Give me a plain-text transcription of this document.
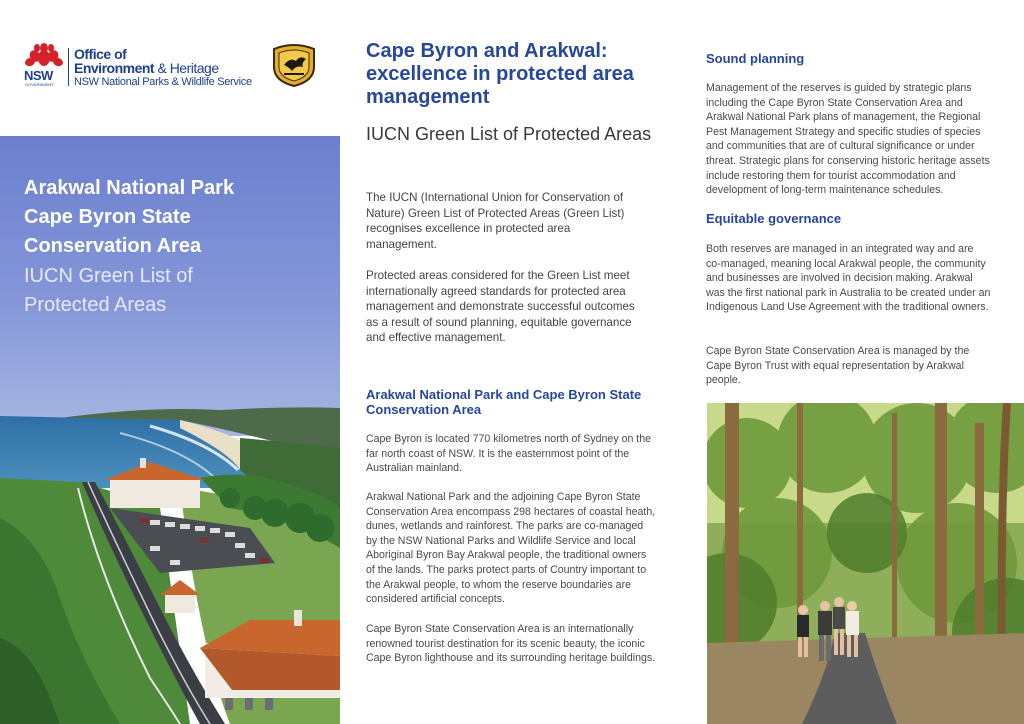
NSW
GOVERNMENT
Office of
Environment & Heritage
NSW National Parks & Wildlife Service
Arakwal National Park
Cape Byron State
Conservation Area
IUCN Green List of
Protected Areas
Cape Byron and Arakwal: excellence in protected area management
IUCN Green List of Protected Areas
The IUCN (International Union for Conservation of Nature) Green List of Protected Areas (Green List) recognises excellence in protected area management.
Protected areas considered for the Green List meet internationally agreed standards for protected area management and demonstrate successful outcomes as a result of sound planning, equitable governance and effective management.
Arakwal National Park and Cape Byron State Conservation Area
Cape Byron is located 770 kilometres north of Sydney on the far north coast of NSW. It is the easternmost point of the Australian mainland.
Arakwal National Park and the adjoining Cape Byron State Conservation Area encompass 298 hectares of coastal heath, dunes, wetlands and rainforest. The parks are co-managed by the NSW National Parks and Wildlife Service and local Aboriginal Byron Bay Arakwal people, the traditional owners of the lands. The parks protect parts of Country important to the Arakwal people, to whom the reserve boundaries are considered artificial concepts.
Cape Byron State Conservation Area is an internationally renowned tourist destination for its scenic beauty, the iconic Cape Byron lighthouse and its surrounding heritage buildings.
Sound planning
Management of the reserves is guided by strategic plans including the Cape Byron State Conservation Area and Arakwal National Park plans of management, the Regional Pest Management Strategy and specific studies of species and communities that are of cultural significance or under threat. Strategic plans for conserving historic heritage assets include restoring them for tourist accommodation and development of long-term maintenance schedules.
Equitable governance
Both reserves are managed in an integrated way and are co-managed, meaning local Arakwal people, the community and businesses are involved in decision making. Arakwal was the first national park in Australia to be created under an Indigenous Land Use Agreement with the traditional owners.
Cape Byron State Conservation Area is managed by the Cape Byron Trust with equal representation by Arakwal people.
